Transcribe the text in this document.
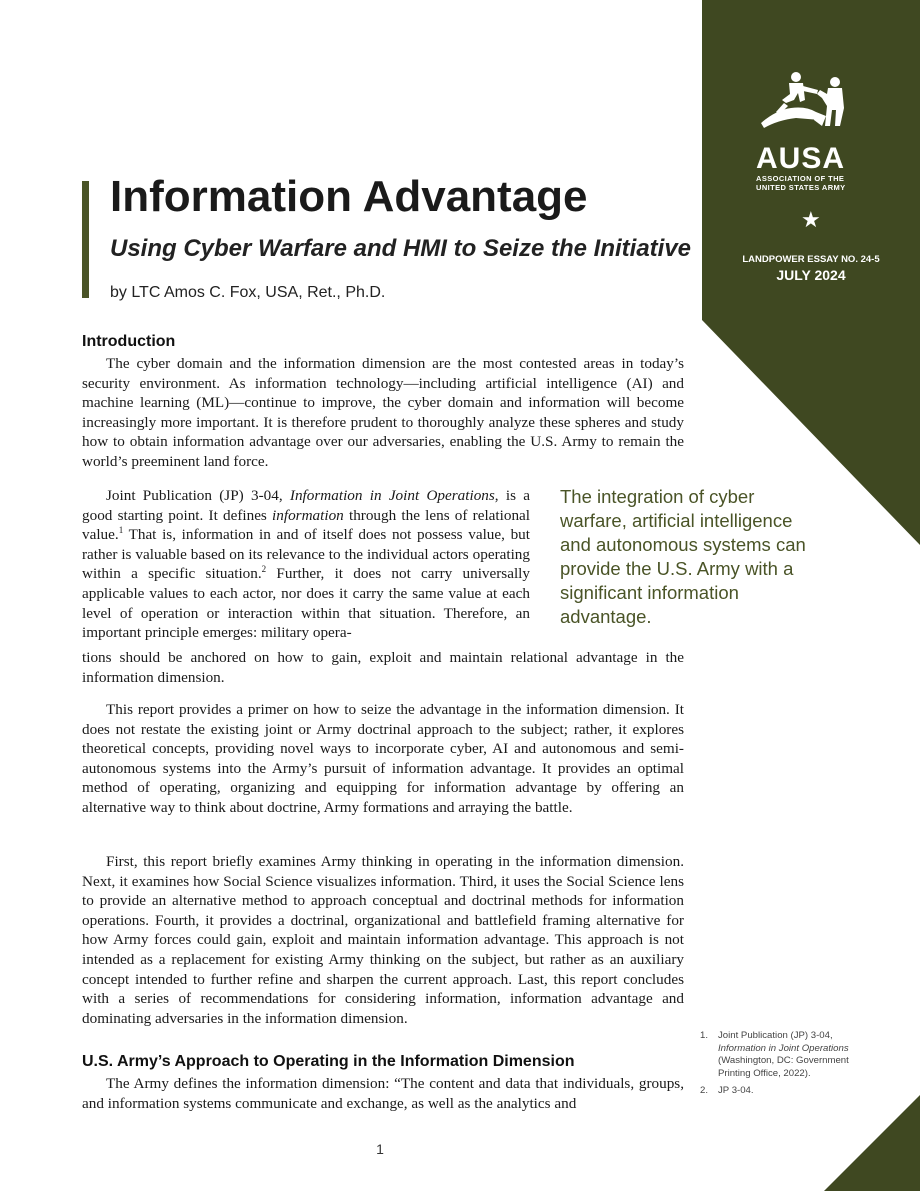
AUSA
ASSOCIATION OF THE
UNITED STATES ARMY
★
LANDPOWER ESSAY NO. 24-5
JULY 2024
Information Advantage
Using Cyber Warfare and HMI to Seize the Initiative

by LTC Amos C. Fox, USA, Ret., Ph.D.

Introduction

The cyber domain and the information dimension are the most contested areas in today’s security environment. As information technology—including artificial intelligence (AI) and machine learning (ML)—continue to improve, the cyber domain and information will become increasingly more important. It is therefore prudent to thoroughly analyze these spheres and study how to obtain information advantage over our adversaries, enabling the U.S. Army to remain the world’s preeminent land force.

Joint Publication (JP) 3-04, Information in Joint Operations, is a good starting point. It defines information through the lens of relational value.$^1$ That is, information in and of itself does not possess value, but rather is valuable based on its relevance to the individual actors operating within a specific situation.$^2$ Further, it does not carry universally applicable values to each actor, nor does it carry the same value at each level of operation or interaction within that situation. Therefore, an important principle emerges: military opera-

tions should be anchored on how to gain, exploit and maintain relational advantage in the information dimension.

The integration of cyber warfare, artificial intelligence and autonomous systems can provide the U.S. Army with a significant information advantage.

This report provides a primer on how to seize the advantage in the information dimension. It does not restate the existing joint or Army doctrinal approach to the subject; rather, it explores theoretical concepts, providing novel ways to incorporate cyber, AI and autonomous and semi-autonomous systems into the Army’s pursuit of information advantage. It provides an optimal method of operating, organizing and equipping for information advantage by offering an alternative way to think about doctrine, Army formations and arraying the battle.

First, this report briefly examines Army thinking in operating in the information dimension. Next, it examines how Social Science visualizes information. Third, it uses the Social Science lens to provide an alternative method to approach conceptual and doctrinal methods for information operations. Fourth, it provides a doctrinal, organizational and battlefield framing alternative for how Army forces could gain, exploit and maintain information advantage. This approach is not intended as a replacement for existing Army thinking on the subject, but rather as an auxiliary concept intended to further refine and sharpen the current approach. Last, this report concludes with a series of recommendations for considering information, information advantage and dominating adversaries in the information dimension.

U.S. Army’s Approach to Operating in the Information Dimension

The Army defines the information dimension: “The content and data that individuals, groups, and information systems communicate and exchange, as well as the analytics and

1.	Joint Publication (JP) 3-04, Information in Joint Operations (Washington, DC: Government Printing Office, 2022).
2.	JP 3-04.
1
